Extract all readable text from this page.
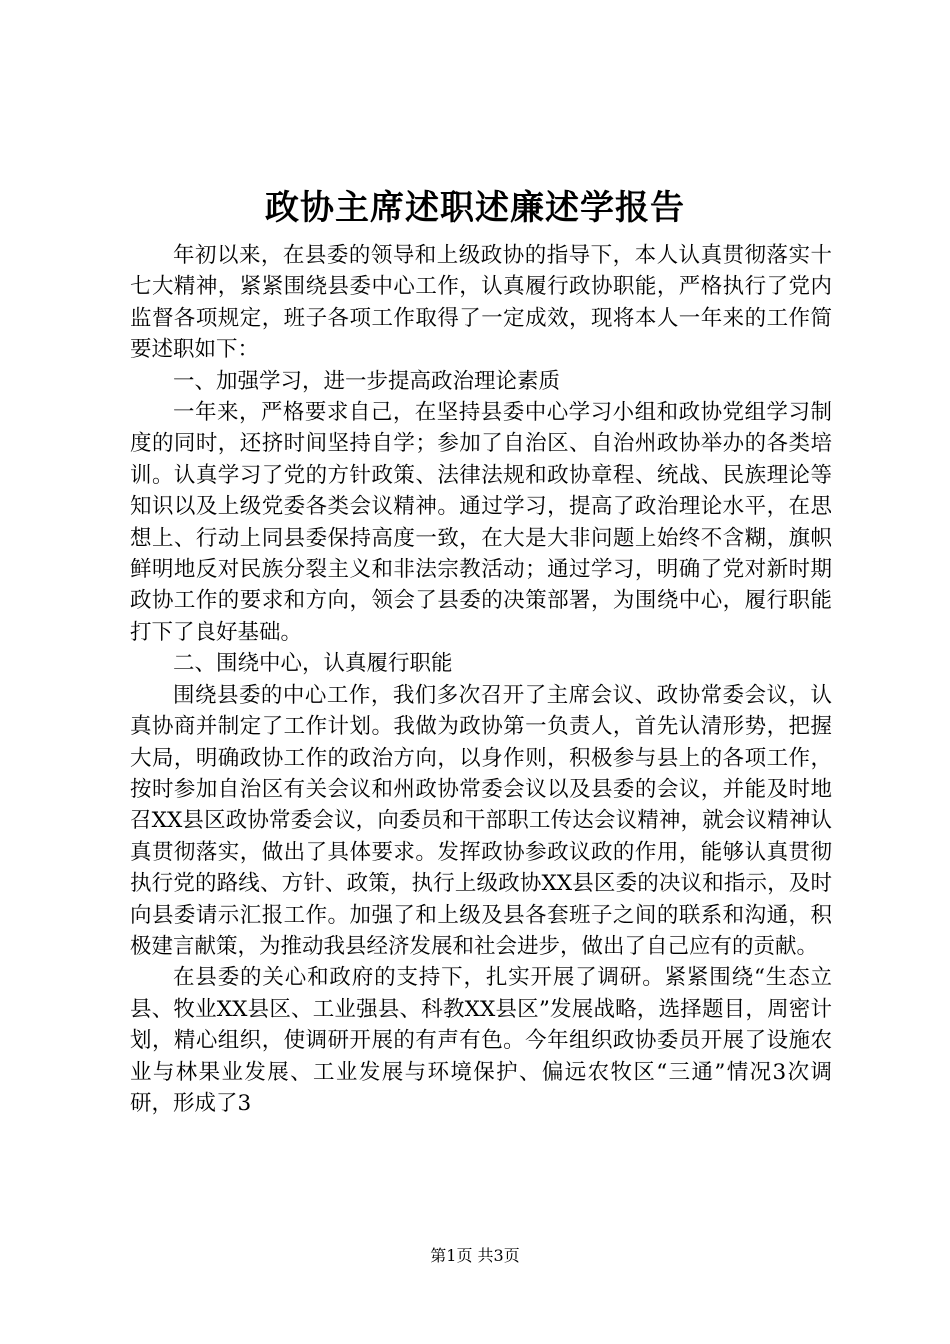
政协主席述职述廉述学报告

年初以来，在县委的领导和上级政协的指导下，本人认真贯彻落实十七大精神，紧紧围绕县委中心工作，认真履行政协职能，严格执行了党内监督各项规定，班子各项工作取得了一定成效，现将本人一年来的工作简要述职如下：

一、加强学习，进一步提高政治理论素质

一年来，严格要求自己，在坚持县委中心学习小组和政协党组学习制度的同时，还挤时间坚持自学；参加了自治区、自治州政协举办的各类培训。认真学习了党的方针政策、法律法规和政协章程、统战、民族理论等知识以及上级党委各类会议精神。通过学习，提高了政治理论水平，在思想上、行动上同县委保持高度一致，在大是大非问题上始终不含糊，旗帜鲜明地反对民族分裂主义和非法宗教活动；通过学习，明确了党对新时期政协工作的要求和方向，领会了县委的决策部署，为围绕中心，履行职能打下了良好基础。

二、围绕中心，认真履行职能

围绕县委的中心工作，我们多次召开了主席会议、政协常委会议，认真协商并制定了工作计划。我做为政协第一负责人，首先认清形势，把握大局，明确政协工作的政治方向，以身作则，积极参与县上的各项工作，按时参加自治区有关会议和州政协常委会议以及县委的会议，并能及时地召XX县区政协常委会议，向委员和干部职工传达会议精神，就会议精神认真贯彻落实，做出了具体要求。发挥政协参政议政的作用，能够认真贯彻执行党的路线、方针、政策，执行上级政协XX县区委的决议和指示，及时向县委请示汇报工作。加强了和上级及县各套班子之间的联系和沟通，积极建言献策，为推动我县经济发展和社会进步，做出了自己应有的贡献。

在县委的关心和政府的支持下，扎实开展了调研。紧紧围绕“生态立县、牧业XX县区、工业强县、科教XX县区”发展战略，选择题目，周密计划，精心组织，使调研开展的有声有色。今年组织政协委员开展了设施农业与林果业发展、工业发展与环境保护、偏远农牧区“三通”情况3次调研，形成了3

第1页 共3页
